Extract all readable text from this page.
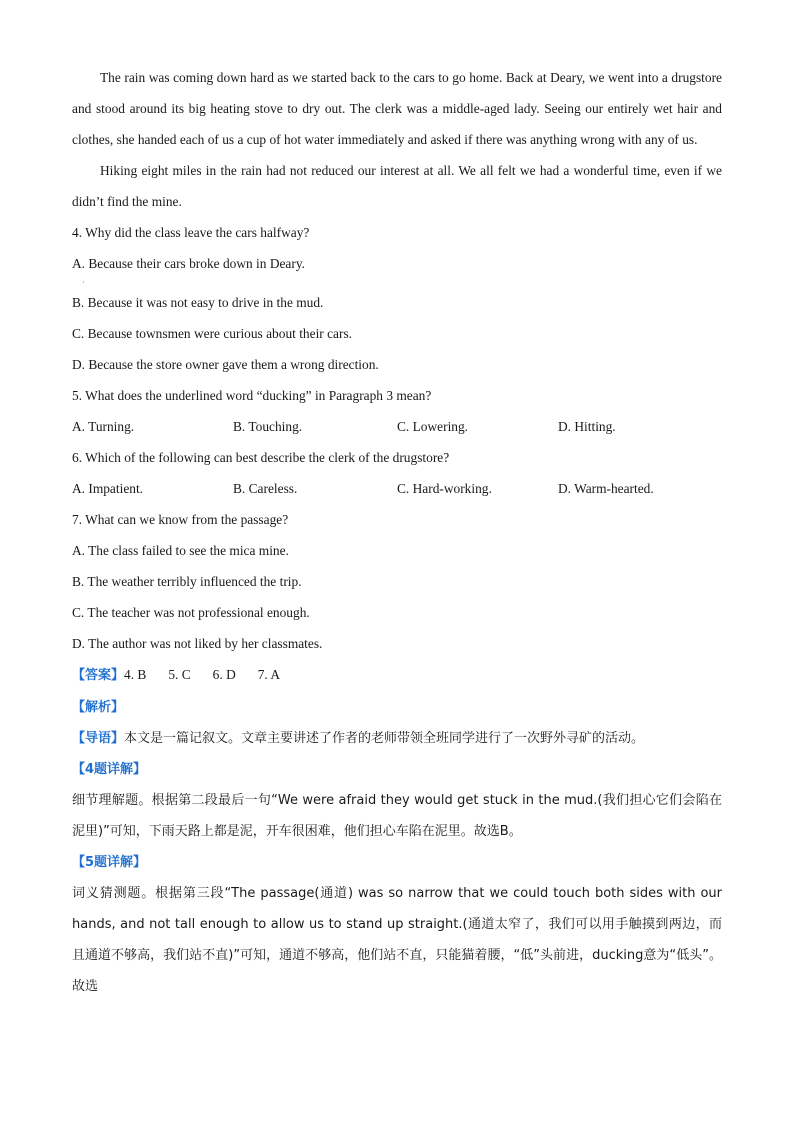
The rain was coming down hard as we started back to the cars to go home. Back at Deary, we went into a drugstore and stood around its big heating stove to dry out. The clerk was a middle-aged lady. Seeing our entirely wet hair and clothes, she handed each of us a cup of hot water immediately and asked if there was anything wrong with any of us.

Hiking eight miles in the rain had not reduced our interest at all. We all felt we had a wonderful time, even if we didn’t find the mine.

4. Why did the class leave the cars halfway?

A. Because their cars broke down in Deary.

·

B. Because it was not easy to drive in the mud.

C. Because townsmen were curious about their cars.

D. Because the store owner gave them a wrong direction.

5. What does the underlined word “ducking” in Paragraph 3 mean?

A. Turning.	B. Touching.	C. Lowering.	D. Hitting.

6. Which of the following can best describe the clerk of the drugstore?

A. Impatient.	B. Careless.	C. Hard-working.	D. Warm-hearted.

7. What can we know from the passage?

A. The class failed to see the mica mine.

B. The weather terribly influenced the trip.

C. The teacher was not professional enough.

D. The author was not liked by her classmates.

【答案】4. B 5. C 6. D 7. A

【解析】

【导语】本文是一篇记叙文。文章主要讲述了作者的老师带领全班同学进行了一次野外寻矿的活动。

【4题详解】

细节理解题。根据第二段最后一句“We were afraid they would get stuck in the mud.(我们担心它们会陷在泥里)”可知，下雨天路上都是泥，开车很困难，他们担心车陷在泥里。故选B。

【5题详解】

词义猜测题。根据第三段“The passage(通道) was so narrow that we could touch both sides with our hands, and not tall enough to allow us to stand up straight.(通道太窄了，我们可以用手触摸到两边，而且通道不够高，我们站不直)”可知，通道不够高，他们站不直，只能猫着腰，“低”头前进，ducking意为“低头”。故选
